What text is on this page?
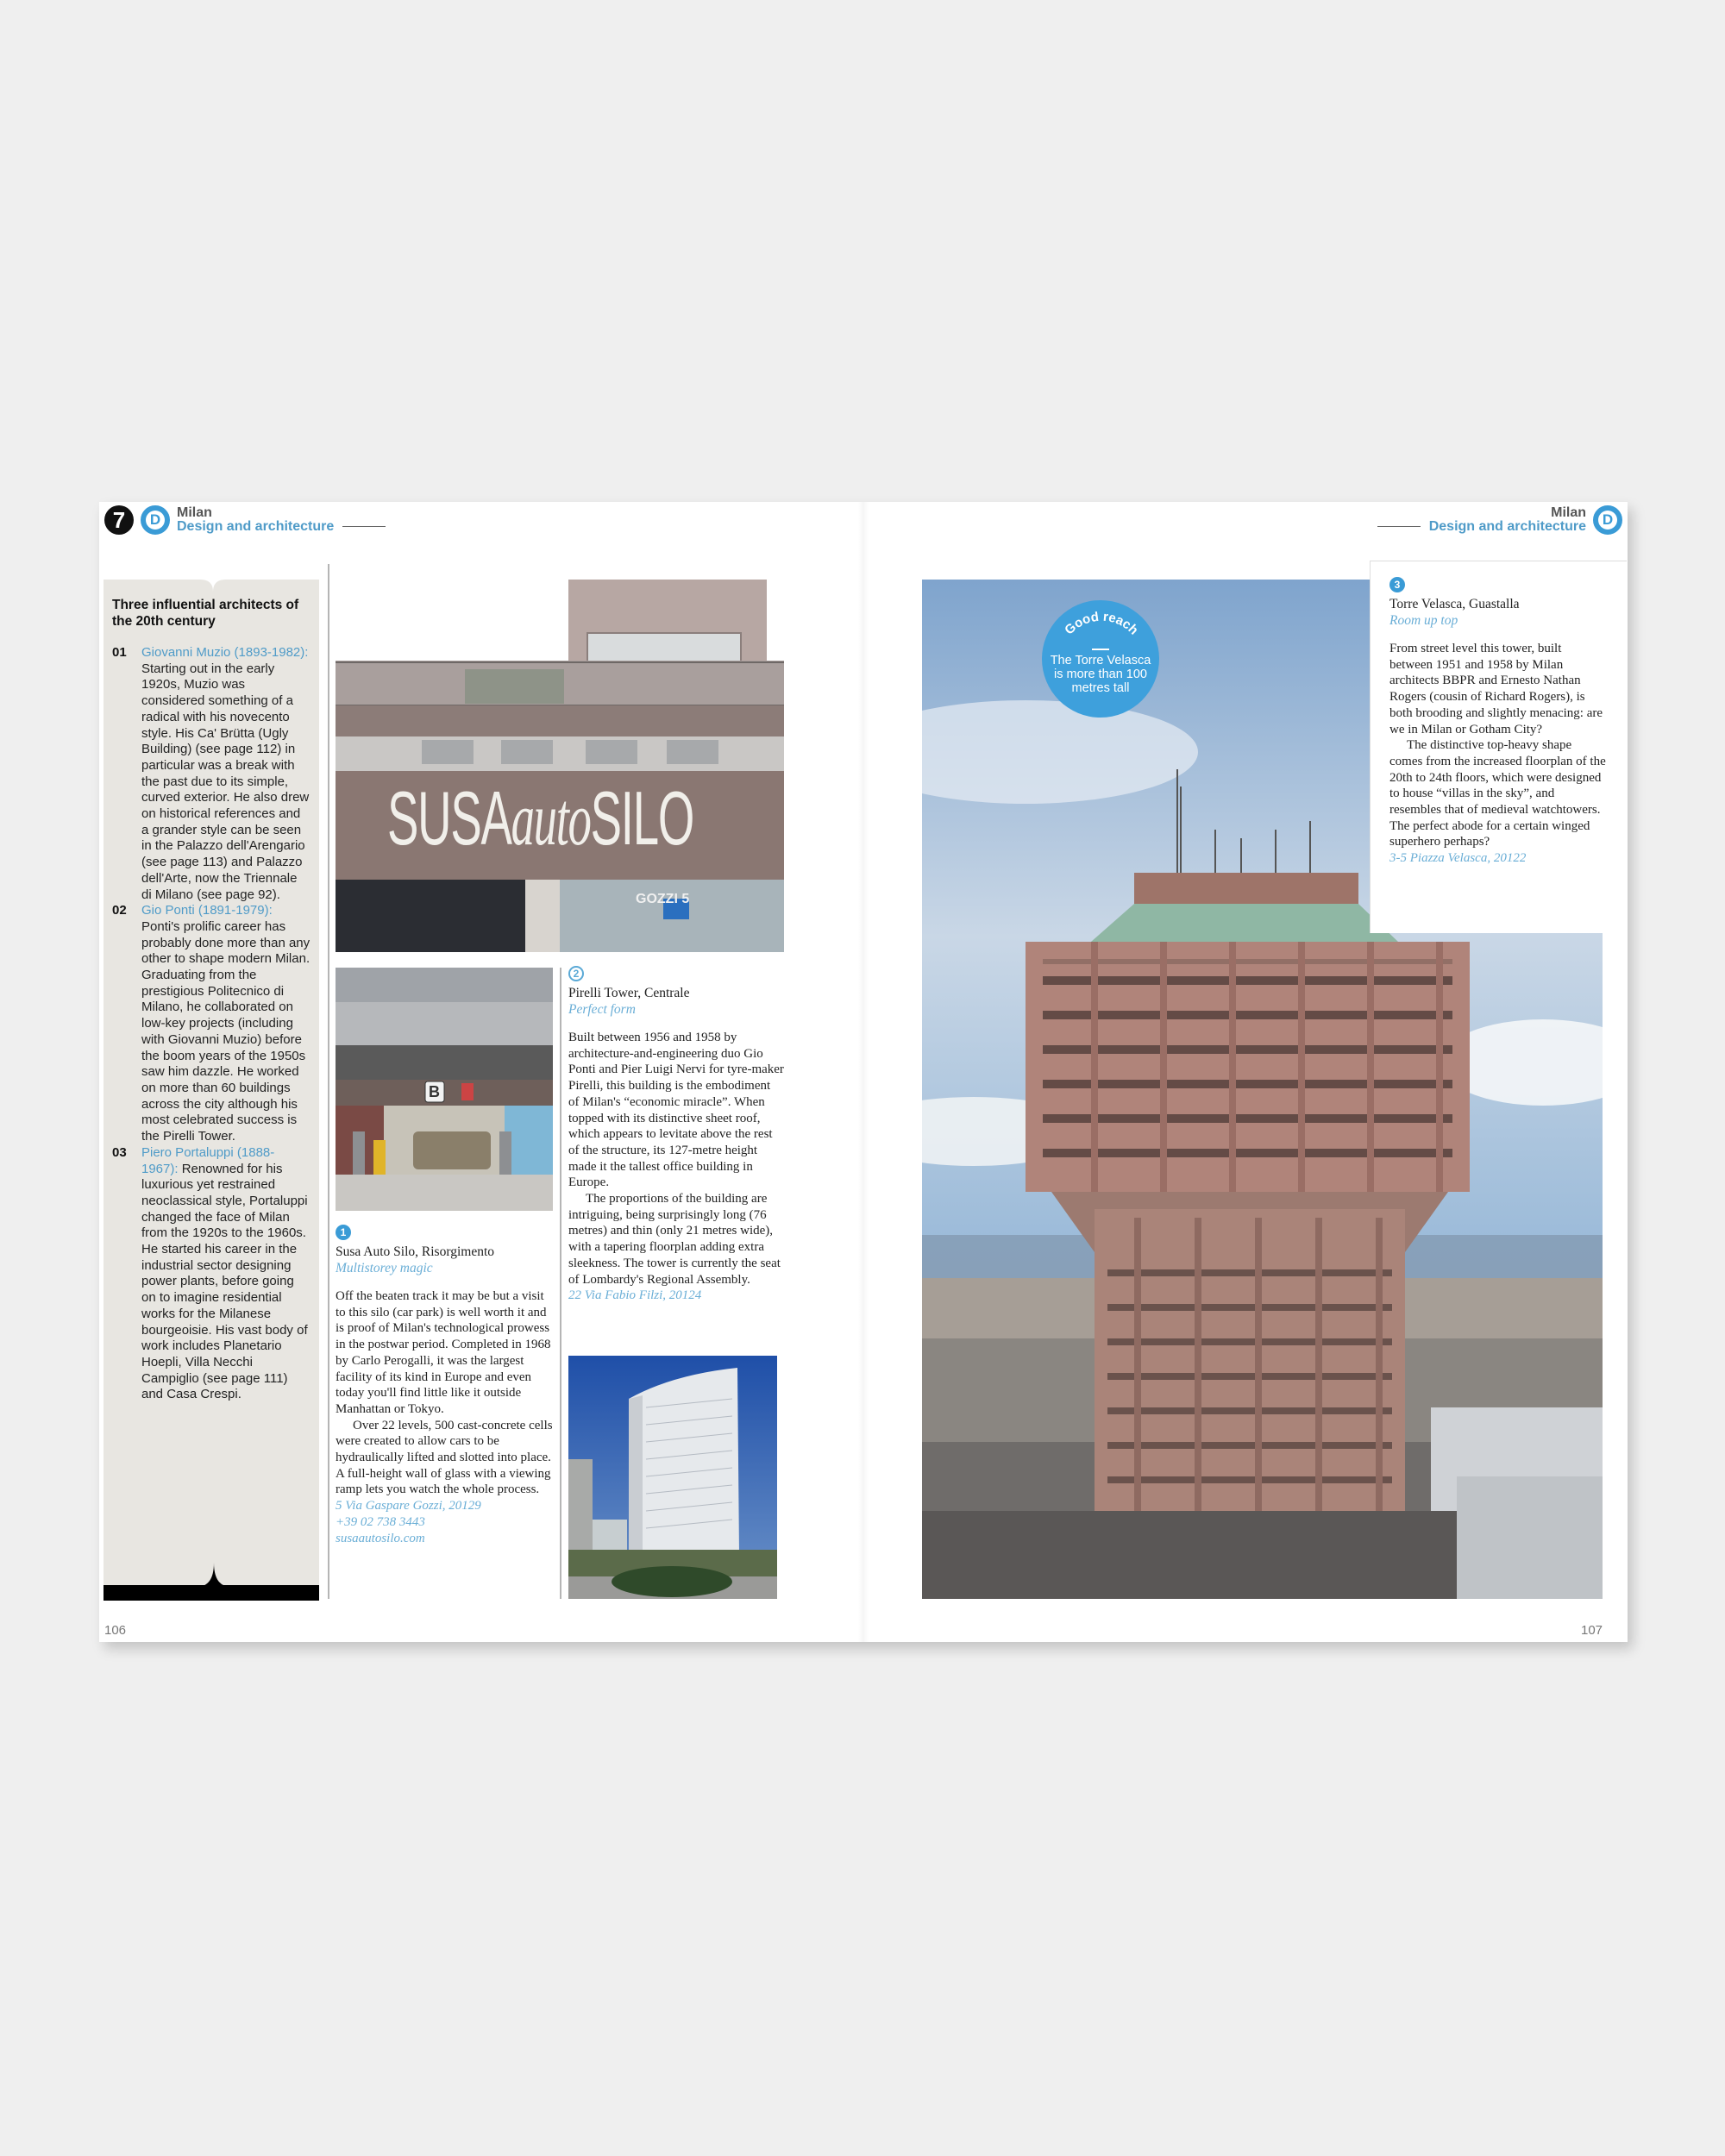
7	D	Milan
Design and architecture
Three influential architects of the 20th century
01	Giovanni Muzio (1893-1982): Starting out in the early 1920s, Muzio was considered something of a radical with his novecento style. His Ca' Brütta (Ugly Building) (see page 112) in particular was a break with the past due to its simple, curved exterior. He also drew on historical references and a grander style can be seen in the Palazzo dell'Arengario (see page 113) and Palazzo dell'Arte, now the Triennale di Milano (see page 92).
02	Gio Ponti (1891-1979): Ponti's prolific career has probably done more than any other to shape modern Milan. Graduating from the prestigious Politecnico di Milano, he collaborated on low-key projects (including with Giovanni Muzio) before the boom years of the 1950s saw him dazzle. He worked on more than 60 buildings across the city although his most celebrated success is the Pirelli Tower.
03	Piero Portaluppi (1888-1967): Renowned for his luxurious yet restrained neoclassical style, Portaluppi changed the face of Milan from the 1920s to the 1960s. He started his career in the industrial sector designing power plants, before going on to imagine residential works for the Milanese bourgeoisie. His vast body of work includes Planetario Hoepli, Villa Necchi Campiglio (see page 111) and Casa Crespi.
SUSAautoSILO
GOZZI 5
B
1
Susa Auto Silo, Risorgimento
Multistorey magic

Off the beaten track it may be but a visit to this silo (car park) is well worth it and is proof of Milan's technological prowess in the postwar period. Completed in 1968 by Carlo Perogalli, it was the largest facility of its kind in Europe and even today you'll find little like it outside Manhattan or Tokyo.

Over 22 levels, 500 cast-concrete cells were created to allow cars to be hydraulically lifted and slotted into place. A full-height wall of glass with a viewing ramp lets you watch the whole process.

5 Via Gaspare Gozzi, 20129
+39 02 738 3443
susaautosilo.com
2
Pirelli Tower, Centrale
Perfect form

Built between 1956 and 1958 by architecture-and-engineering duo Gio Ponti and Pier Luigi Nervi for tyre-maker Pirelli, this building is the embodiment of Milan's “economic miracle”. When topped with its distinctive sheet roof, which appears to levitate above the rest of the structure, its 127-metre height made it the tallest office building in Europe.

The proportions of the building are intriguing, being surprisingly long (76 metres) and thin (only 21 metres wide), with a tapering floorplan adding extra sleekness. The tower is currently the seat of Lombardy's Regional Assembly.

22 Via Fabio Filzi, 20124
106
Milan
Design and architecture D
Good reach
The Torre Velasca is more than 100 metres tall
3
Torre Velasca, Guastalla
Room up top

From street level this tower, built between 1951 and 1958 by Milan architects BBPR and Ernesto Nathan Rogers (cousin of Richard Rogers), is both brooding and slightly menacing: are we in Milan or Gotham City?

The distinctive top-heavy shape comes from the increased floorplan of the 20th to 24th floors, which were designed to house “villas in the sky”, and resembles that of medieval watchtowers. The perfect abode for a certain winged superhero perhaps?

3-5 Piazza Velasca, 20122
107
